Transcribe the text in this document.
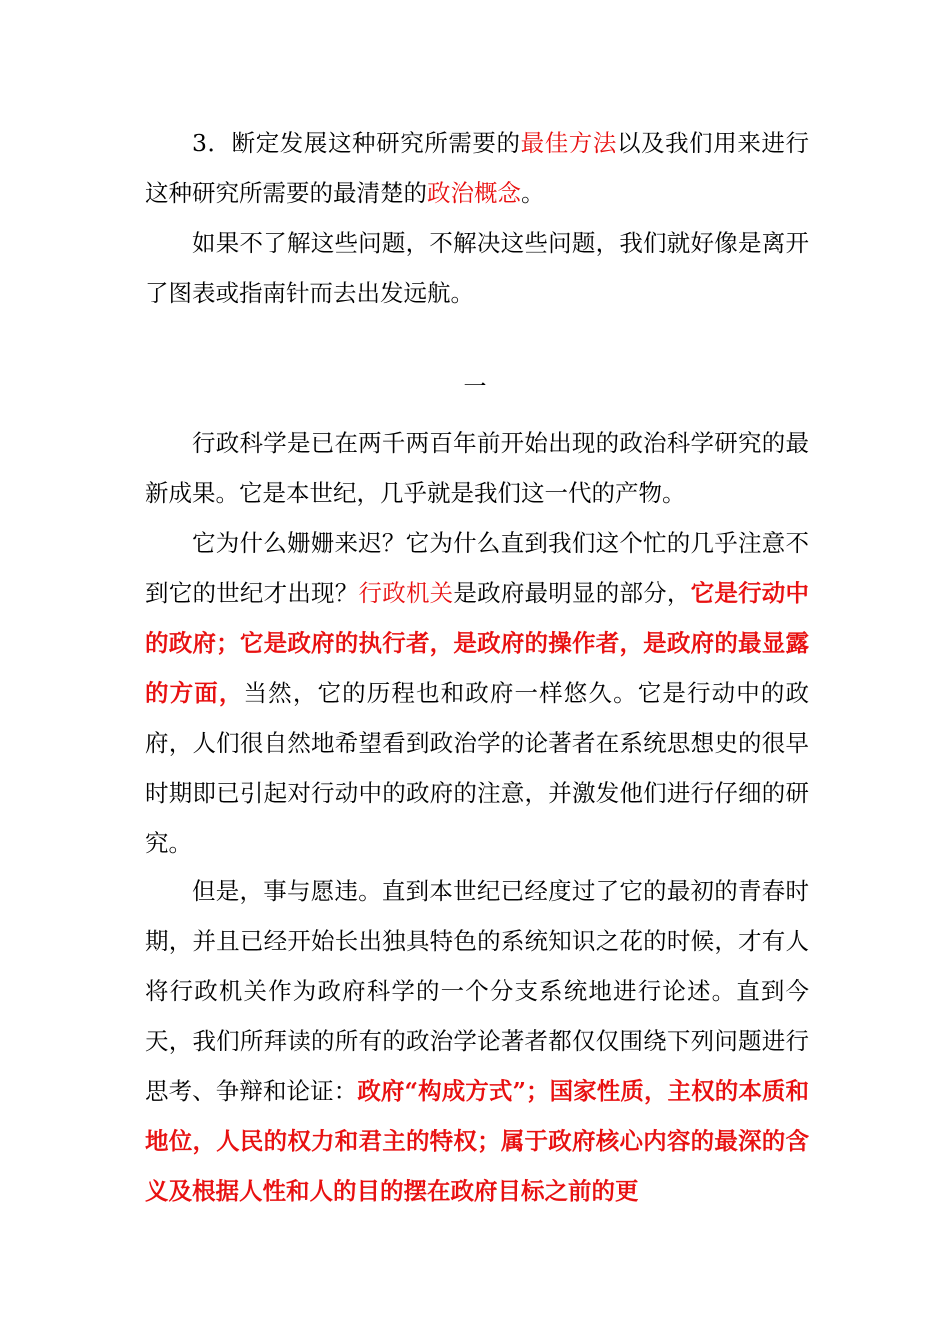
3．断定发展这种研究所需要的最佳方法以及我们用来进行这种研究所需要的最清楚的政治概念。

如果不了解这些问题，不解决这些问题，我们就好像是离开了图表或指南针而去出发远航。

一

行政科学是已在两千两百年前开始出现的政治科学研究的最新成果。它是本世纪，几乎就是我们这一代的产物。

它为什么姗姗来迟？它为什么直到我们这个忙的几乎注意不到它的世纪才出现？行政机关是政府最明显的部分，它是行动中的政府；它是政府的执行者，是政府的操作者，是政府的最显露的方面，当然，它的历程也和政府一样悠久。它是行动中的政府，人们很自然地希望看到政治学的论著者在系统思想史的很早时期即已引起对行动中的政府的注意，并激发他们进行仔细的研究。

但是，事与愿违。直到本世纪已经度过了它的最初的青春时期，并且已经开始长出独具特色的系统知识之花的时候，才有人将行政机关作为政府科学的一个分支系统地进行论述。直到今天，我们所拜读的所有的政治学论著者都仅仅围绕下列问题进行思考、争辩和论证：政府“构成方式”；国家性质，主权的本质和地位，人民的权力和君主的特权；属于政府核心内容的最深的含义及根据人性和人的目的摆在政府目标之前的更
